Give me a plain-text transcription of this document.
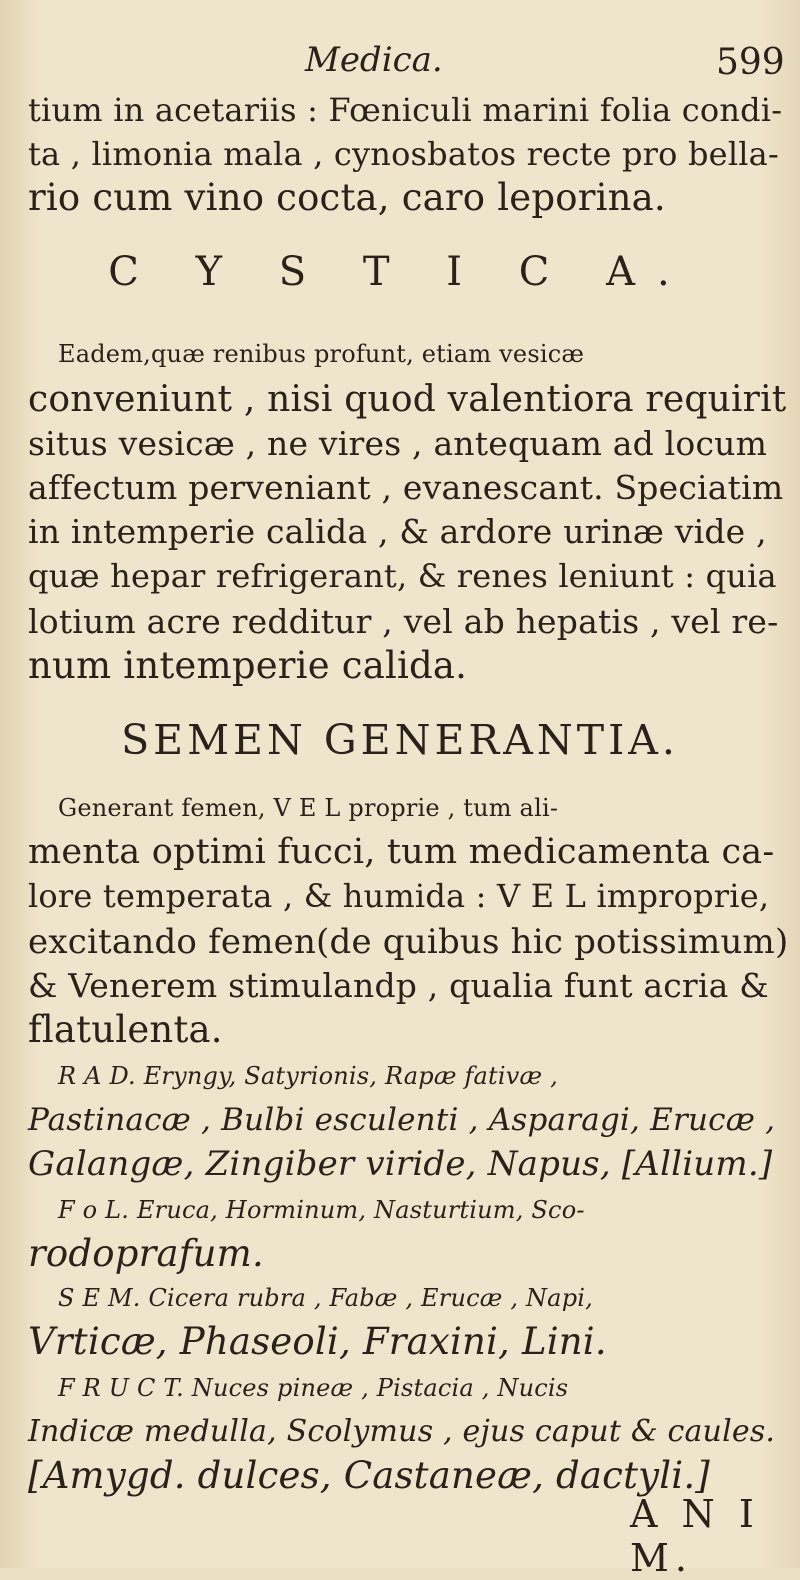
Medica.	599
tium in acetariis : Fœniculi marini folia condi-
ta , limonia mala , cynosbatos recte pro bella-
rio cum vino cocta, caro leporina.
C Y S T I C A.
Eadem,quæ renibus profunt, etiam vesicæ
conveniunt , nisi quod valentiora requirit
situs vesicæ , ne vires , antequam ad locum
affectum perveniant , evanescant. Speciatim
in intemperie calida , & ardore urinæ vide ,
quæ hepar refrigerant, & renes leniunt : quia
lotium acre redditur , vel ab hepatis , vel re-
num intemperie calida.
SEMEN GENERANTIA.
Generant femen, V E L proprie , tum ali-
menta optimi fucci, tum medicamenta ca-
lore temperata , & humida : V E L improprie,
excitando femen(de quibus hic potissimum)
& Venerem stimulandp , qualia funt acria &
flatulenta.
R A D. Eryngy, Satyrionis, Rapæ fativæ ,
Pastinacæ , Bulbi esculenti , Asparagi, Erucæ ,
Galangæ, Zingiber viride, Napus, [Allium.]
F o L. Eruca, Horminum, Nasturtium, Sco-
rodoprafum.
S E M. Cicera rubra , Fabæ , Erucæ , Napi,
Vrticæ, Phaseoli, Fraxini, Lini.
F R U C T. Nuces pineæ , Pistacia , Nucis
Indicæ medulla, Scolymus , ejus caput & caules.
[Amygd. dulces, Castaneæ, dactyli.]
A N I M.
